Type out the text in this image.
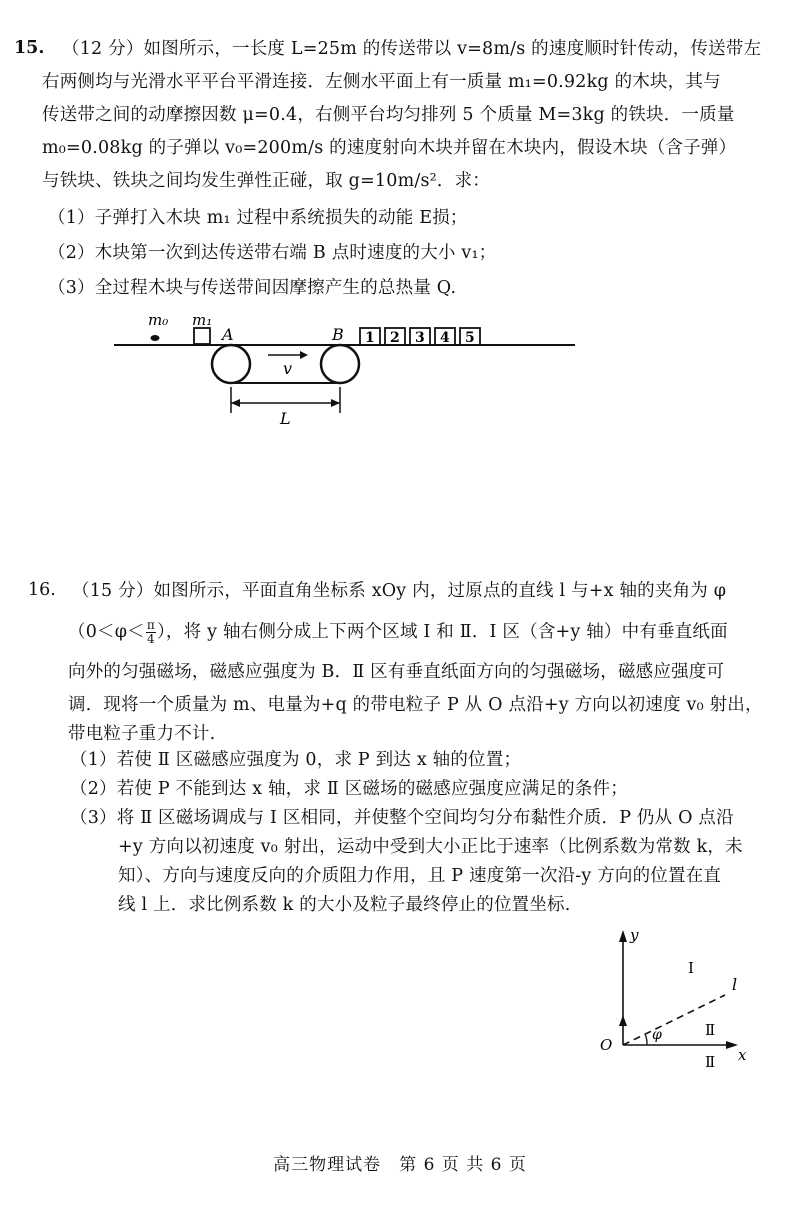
15. （12 分）如图所示，一长度 L=25m 的传送带以 v=8m/s 的速度顺时针传动，传送带左
右两侧均与光滑水平平台平滑连接．左侧水平面上有一质量 m₁=0.92kg 的木块，其与
传送带之间的动摩擦因数 μ=0.4，右侧平台均匀排列 5 个质量 M=3kg 的铁块．一质量
m₀=0.08kg 的子弹以 v₀=200m/s 的速度射向木块并留在木块内，假设木块（含子弹）
与铁块、铁块之间均发生弹性正碰，取 g=10m/s²．求：
（1）子弹打入木块 m₁ 过程中系统损失的动能 E损；
（2）木块第一次到达传送带右端 B 点时速度的大小 v₁；
（3）全过程木块与传送带间因摩擦产生的总热量 Q.
m₀ m₁
A	B
v
L
1 2 3 4 5
16. （15 分）如图所示，平面直角坐标系 xOy 内，过原点的直线 l 与+x 轴的夹角为 φ
（$0<\varphi< \frac{\pi}{4}$ ），将 y 轴右侧分成上下两个区域 Ⅰ 和 Ⅱ．Ⅰ 区（含+y 轴）中有垂直纸面
向外的匀强磁场，磁感应强度为 B．Ⅱ 区有垂直纸面方向的匀强磁场，磁感应强度可
调．现将一个质量为 m、电量为+q 的带电粒子 P 从 O 点沿+y 方向以初速度 v₀ 射出，
带电粒子重力不计.
（1）若使 Ⅱ 区磁感应强度为 0，求 P 到达 x 轴的位置；
（2）若使 P 不能到达 x 轴，求 Ⅱ 区磁场的磁感应强度应满足的条件；
（3）将 Ⅱ 区磁场调成与 Ⅰ 区相同，并使整个空间均匀分布黏性介质．P 仍从 O 点沿
+y 方向以初速度 v₀ 射出，运动中受到大小正比于速率（比例系数为常数 k，未
知）、方向与速度反向的介质阻力作用，且 P 速度第一次沿-y 方向的位置在直
线 l 上．求比例系数 k 的大小及粒子最终停止的位置坐标.
y
x
O
l
φ
Ⅰ
Ⅱ
Ⅱ
高三物理试卷　第 6 页 共 6 页
